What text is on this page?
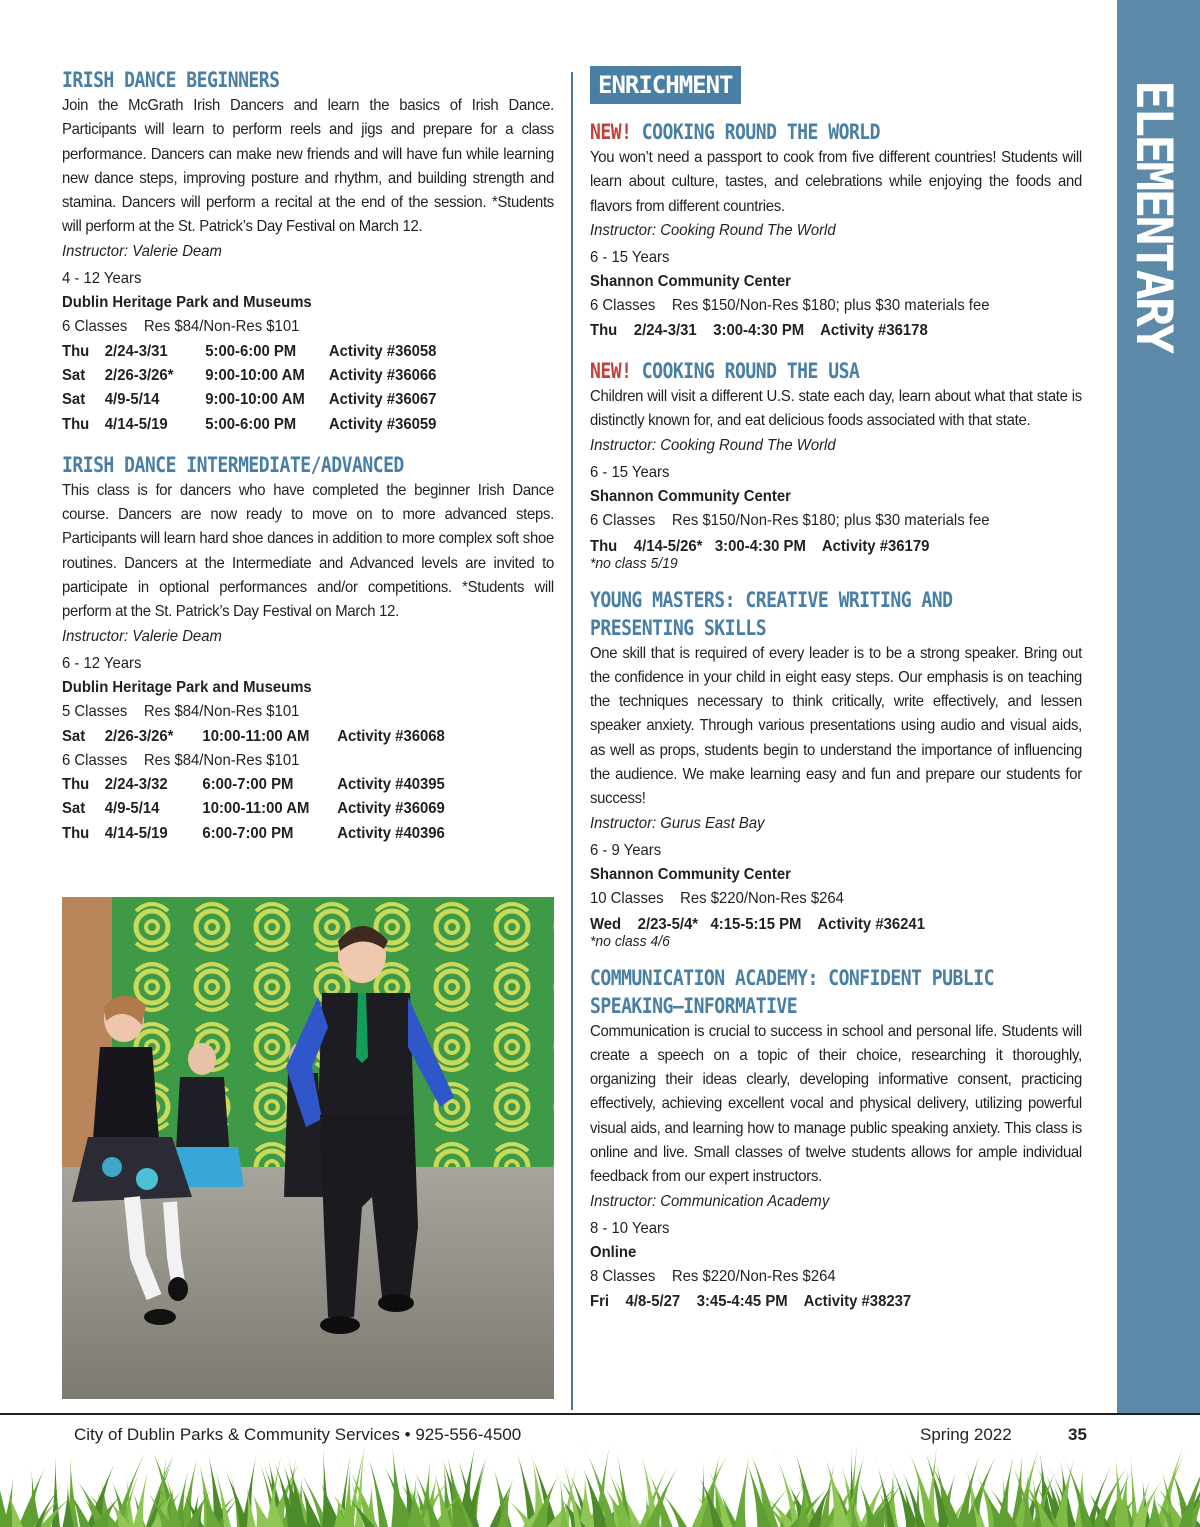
ELEMENTARY
IRISH DANCE BEGINNERS
Join the McGrath Irish Dancers and learn the basics of Irish Dance. Participants will learn to perform reels and jigs and prepare for a class performance. Dancers can make new friends and will have fun while learning new dance steps, improving posture and rhythm, and building strength and stamina. Dancers will perform a recital at the end of the session. *Students will perform at the St. Patrick’s Day Festival on March 12.
Instructor: Valerie Deam
4 - 12 Years
Dublin Heritage Park and Museums
6 Classes    Res $84/Non-Res $101
Thu 2/24-3/31	5:00-6:00 PM	Activity #36058
Sat	2/26-3/26*	9:00-10:00 AM	Activity #36066
Sat	4/9-5/14	9:00-10:00 AM	Activity #36067
Thu 4/14-5/19	5:00-6:00 PM	Activity #36059
IRISH DANCE INTERMEDIATE/ADVANCED
This class is for dancers who have completed the beginner Irish Dance course. Dancers are now ready to move on to more advanced steps. Participants will learn hard shoe dances in addition to more complex soft shoe routines. Dancers at the Intermediate and Advanced levels are invited to participate in optional performances and/or competitions. *Students will perform at the St. Patrick’s Day Festival on March 12.
Instructor: Valerie Deam
6 - 12 Years
Dublin Heritage Park and Museums
5 Classes    Res $84/Non-Res $101
Sat	2/26-3/26*	10:00-11:00 AM	Activity #36068
6 Classes    Res $84/Non-Res $101
Thu 2/24-3/32	6:00-7:00 PM	Activity #40395
Sat	4/9-5/14	10:00-11:00 AM	Activity #36069
Thu 4/14-5/19	6:00-7:00 PM	Activity #40396
ENRICHMENT
NEW! COOKING ROUND THE WORLD
You won’t need a passport to cook from five different countries! Students will learn about culture, tastes, and celebrations while enjoying the foods and flavors from different countries.
Instructor: Cooking Round The World
6 - 15 Years
Shannon Community Center
6 Classes    Res $150/Non-Res $180; plus $30 materials fee
Thu    2/24-3/31    3:00-4:30 PM    Activity #36178
NEW! COOKING ROUND THE USA
Children will visit a different U.S. state each day, learn about what that state is distinctly known for, and eat delicious foods associated with that state.
Instructor: Cooking Round The World
6 - 15 Years
Shannon Community Center
6 Classes    Res $150/Non-Res $180; plus $30 materials fee
Thu    4/14-5/26*   3:00-4:30 PM    Activity #36179
*no class 5/19
YOUNG MASTERS: CREATIVE WRITING AND
PRESENTING SKILLS
One skill that is required of every leader is to be a strong speaker. Bring out the confidence in your child in eight easy steps. Our emphasis is on teaching the techniques necessary to think critically, write effectively, and lessen speaker anxiety. Through various presentations using audio and visual aids, as well as props, students begin to understand the importance of influencing the audience. We make learning easy and fun and prepare our students for success!
Instructor: Gurus East Bay
6 - 9 Years
Shannon Community Center
10 Classes    Res $220/Non-Res $264
Wed    2/23-5/4*   4:15-5:15 PM    Activity #36241
*no class 4/6
COMMUNICATION ACADEMY: CONFIDENT PUBLIC
SPEAKING—INFORMATIVE
Communication is crucial to success in school and personal life. Students will create a speech on a topic of their choice, researching it thoroughly, organizing their ideas clearly, developing informative consent, practicing effectively, achieving excellent vocal and physical delivery, utilizing powerful visual aids, and learning how to manage public speaking anxiety. This class is online and live. Small classes of twelve students allows for ample individual feedback from our expert instructors.
Instructor: Communication Academy
8 - 10 Years
Online
8 Classes    Res $220/Non-Res $264
Fri    4/8-5/27    3:45-4:45 PM    Activity #38237
City of Dublin Parks & Community Services • 925-556-4500	Spring 2022	35
